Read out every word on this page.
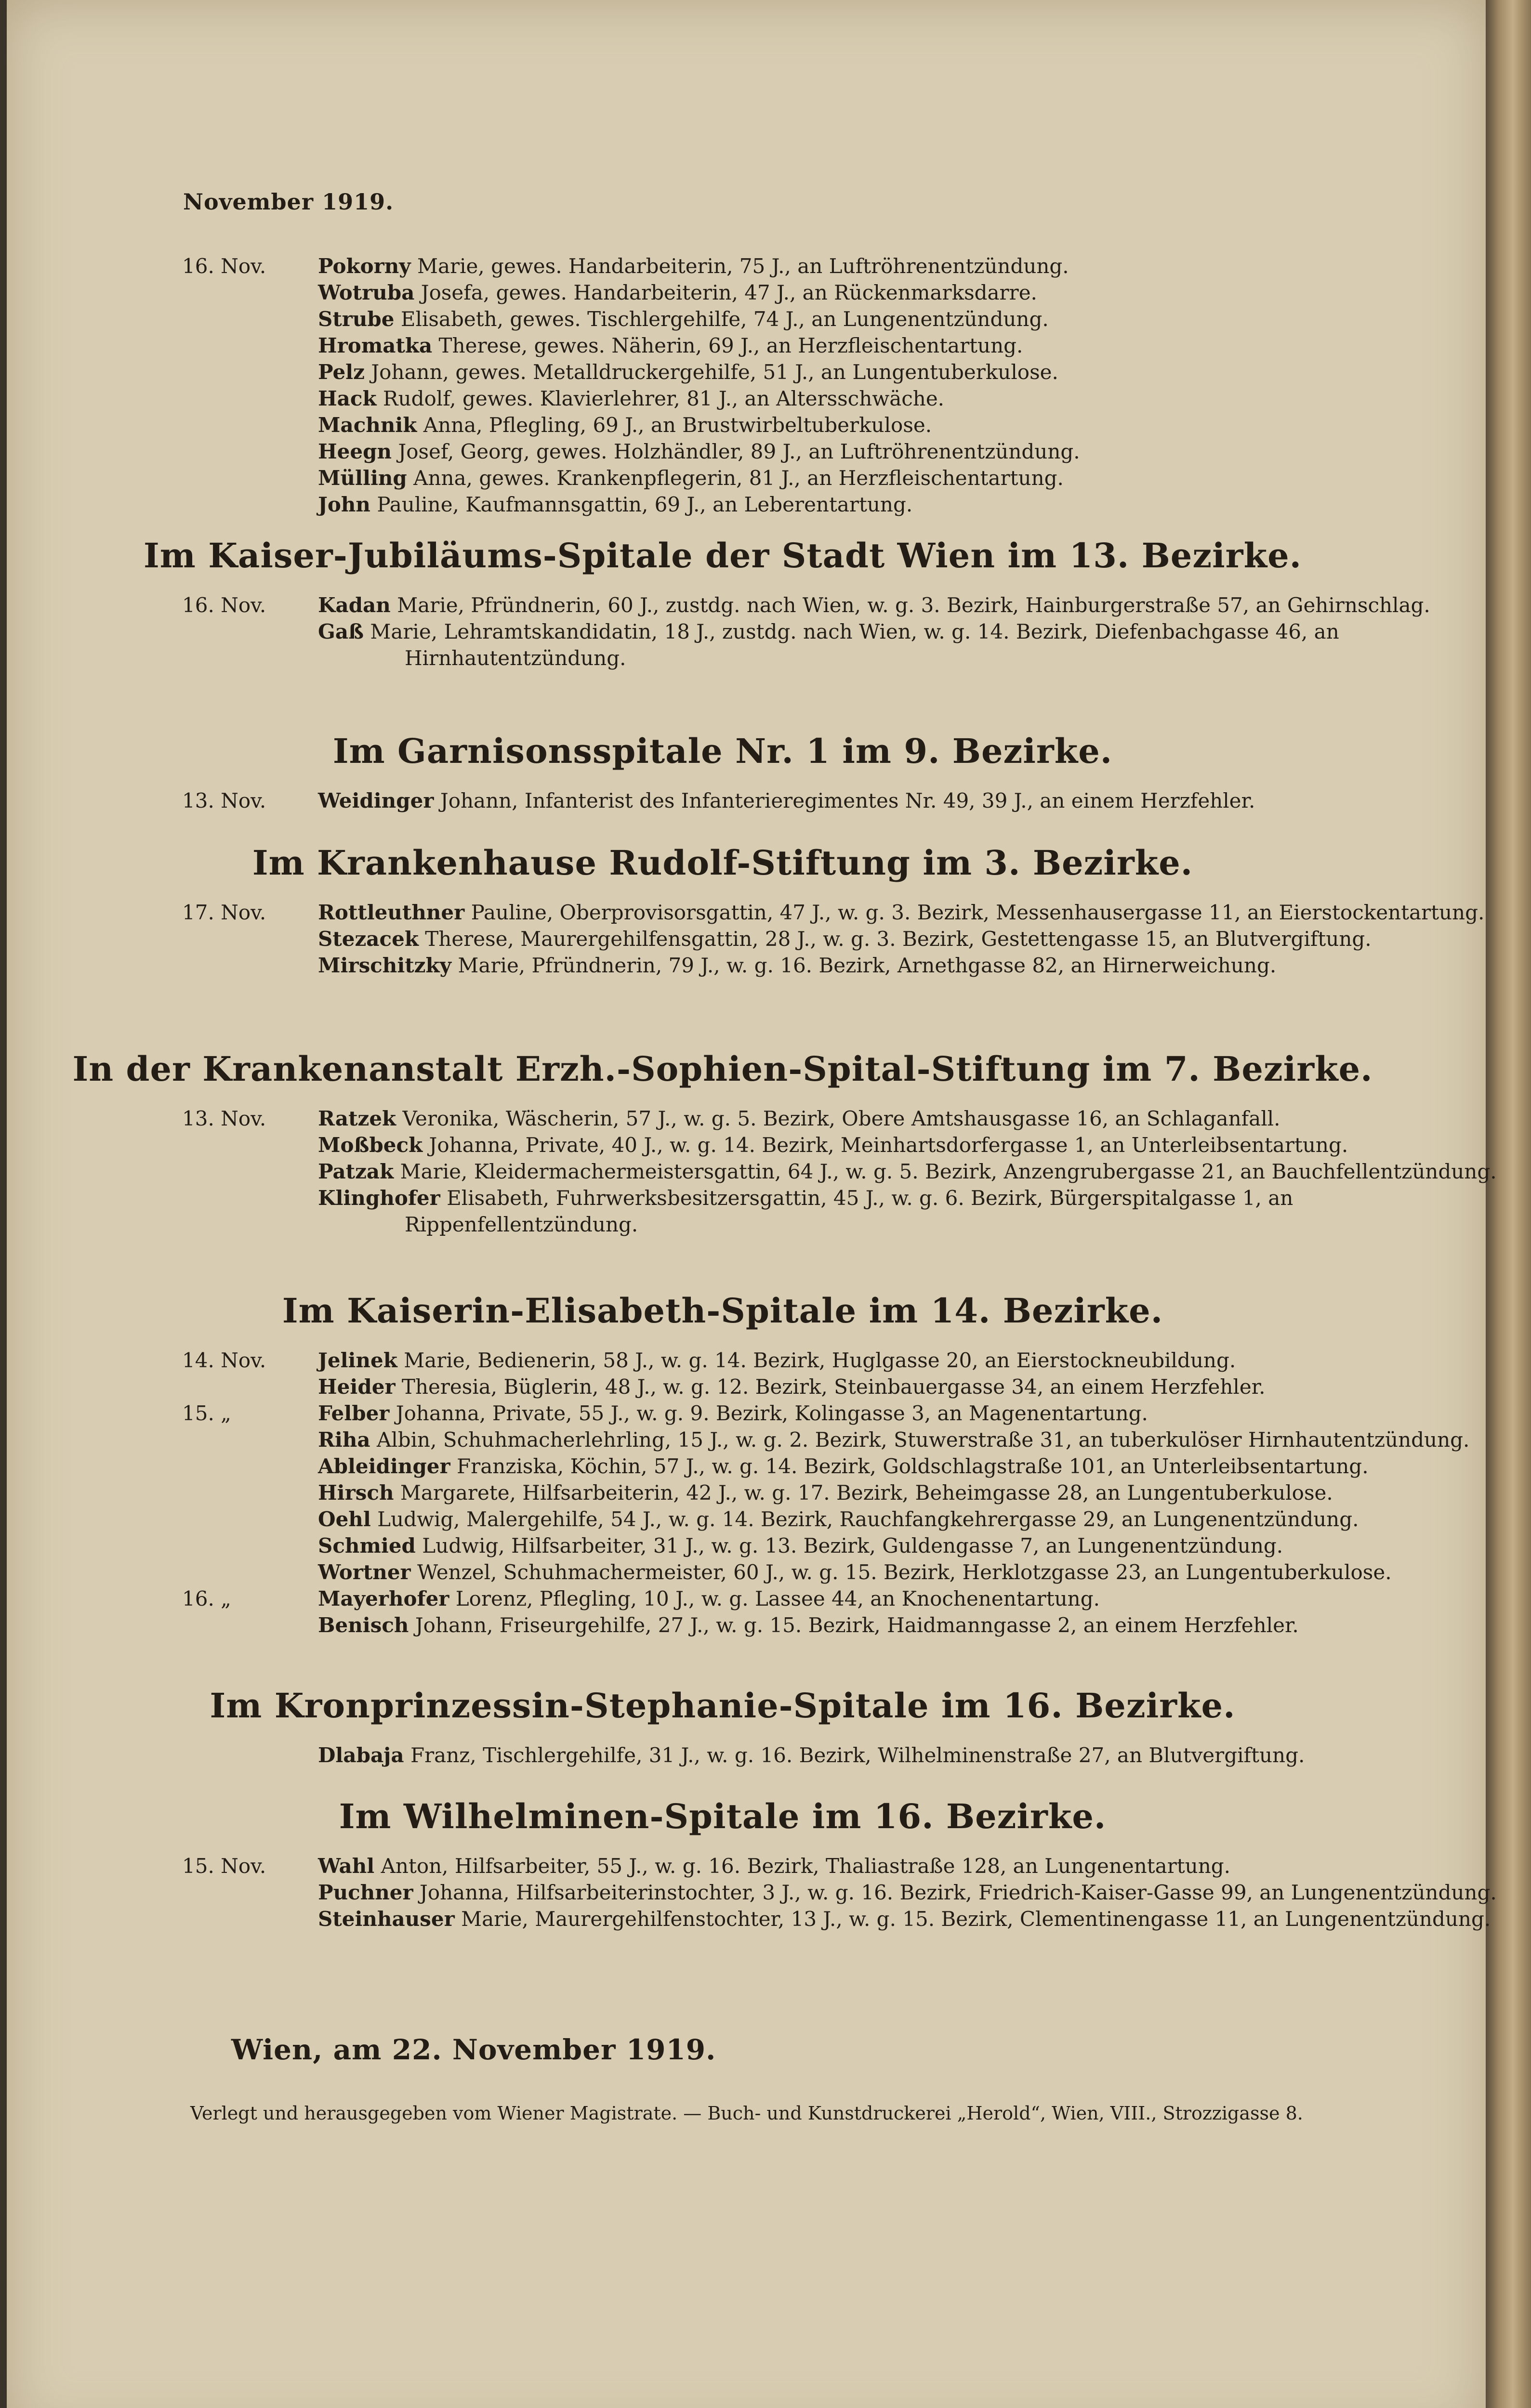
November 1919.
16. Nov.	Pokorny Marie, gewes. Handarbeiterin, 75 J., an Luftröhrenentzündung.
Wotruba Josefa, gewes. Handarbeiterin, 47 J., an Rückenmarksdarre.
Strube Elisabeth, gewes. Tischlergehilfe, 74 J., an Lungenentzündung.
Hromatka Therese, gewes. Näherin, 69 J., an Herzfleischentartung.
Pelz Johann, gewes. Metalldruckergehilfe, 51 J., an Lungentuberkulose.
Hack Rudolf, gewes. Klavierlehrer, 81 J., an Altersschwäche.
Machnik Anna, Pflegling, 69 J., an Brustwirbeltuberkulose.
Heegn Josef, Georg, gewes. Holzhändler, 89 J., an Luftröhrenentzündung.
Mülling Anna, gewes. Krankenpflegerin, 81 J., an Herzfleischentartung.
John Pauline, Kaufmannsgattin, 69 J., an Leberentartung.
Im Kaiser-Jubiläums-Spitale der Stadt Wien im 13. Bezirke.
16. Nov.	Kadan Marie, Pfründnerin, 60 J., zustdg. nach Wien, w. g. 3. Bezirk, Hainburgerstraße 57, an Gehirnschlag.
Gaß Marie, Lehramtskandidatin, 18 J., zustdg. nach Wien, w. g. 14. Bezirk, Diefenbachgasse 46, an Hirnhautentzündung.
Im Garnisonsspitale Nr. 1 im 9. Bezirke.
13. Nov.	Weidinger Johann, Infanterist des Infanterieregimentes Nr. 49, 39 J., an einem Herzfehler.
Im Krankenhause Rudolf-Stiftung im 3. Bezirke.
17. Nov.	Rottleuthner Pauline, Oberprovisorsgattin, 47 J., w. g. 3. Bezirk, Messenhausergasse 11, an Eierstockentartung.
Stezacek Therese, Maurergehilfensgattin, 28 J., w. g. 3. Bezirk, Gestettengasse 15, an Blutvergiftung.
Mirschitzky Marie, Pfründnerin, 79 J., w. g. 16. Bezirk, Arnethgasse 82, an Hirnerweichung.
In der Krankenanstalt Erzh.-Sophien-Spital-Stiftung im 7. Bezirke.
13. Nov.	Ratzek Veronika, Wäscherin, 57 J., w. g. 5. Bezirk, Obere Amtshausgasse 16, an Schlaganfall.
Moßbeck Johanna, Private, 40 J., w. g. 14. Bezirk, Meinhartsdorfergasse 1, an Unterleibsentartung.
Patzak Marie, Kleidermachermeistersgattin, 64 J., w. g. 5. Bezirk, Anzengrubergasse 21, an Bauchfellentzündung.
Klinghofer Elisabeth, Fuhrwerksbesitzersgattin, 45 J., w. g. 6. Bezirk, Bürgerspitalgasse 1, an Rippenfellentzündung.
Im Kaiserin-Elisabeth-Spitale im 14. Bezirke.
14. Nov.	Jelinek Marie, Bedienerin, 58 J., w. g. 14. Bezirk, Huglgasse 20, an Eierstockneubildung.
Heider Theresia, Büglerin, 48 J., w. g. 12. Bezirk, Steinbauergasse 34, an einem Herzfehler.
15. „	Felber Johanna, Private, 55 J., w. g. 9. Bezirk, Kolingasse 3, an Magenentartung.
Riha Albin, Schuhmacherlehrling, 15 J., w. g. 2. Bezirk, Stuwerstraße 31, an tuberkulöser Hirnhautentzündung.
Ableidinger Franziska, Köchin, 57 J., w. g. 14. Bezirk, Goldschlagstraße 101, an Unterleibsentartung.
Hirsch Margarete, Hilfsarbeiterin, 42 J., w. g. 17. Bezirk, Beheimgasse 28, an Lungentuberkulose.
Oehl Ludwig, Malergehilfe, 54 J., w. g. 14. Bezirk, Rauchfangkehrergasse 29, an Lungenentzündung.
Schmied Ludwig, Hilfsarbeiter, 31 J., w. g. 13. Bezirk, Guldengasse 7, an Lungenentzündung.
Wortner Wenzel, Schuhmachermeister, 60 J., w. g. 15. Bezirk, Herklotzgasse 23, an Lungentuberkulose.
16. „	Mayerhofer Lorenz, Pflegling, 10 J., w. g. Lassee 44, an Knochenentartung.
Benisch Johann, Friseurgehilfe, 27 J., w. g. 15. Bezirk, Haidmanngasse 2, an einem Herzfehler.
Im Kronprinzessin-Stephanie-Spitale im 16. Bezirke.
Dlabaja Franz, Tischlergehilfe, 31 J., w. g. 16. Bezirk, Wilhelminenstraße 27, an Blutvergiftung.
Im Wilhelminen-Spitale im 16. Bezirke.
15. Nov.	Wahl Anton, Hilfsarbeiter, 55 J., w. g. 16. Bezirk, Thaliastraße 128, an Lungenentartung.
Puchner Johanna, Hilfsarbeiterinstochter, 3 J., w. g. 16. Bezirk, Friedrich-Kaiser-Gasse 99, an Lungenentzündung.
Steinhauser Marie, Maurergehilfenstochter, 13 J., w. g. 15. Bezirk, Clementinengasse 11, an Lungenentzündung.
Wien, am 22. November 1919.
Verlegt und herausgegeben vom Wiener Magistrate. — Buch- und Kunstdruckerei „Herold“, Wien, VIII., Strozzigasse 8.
